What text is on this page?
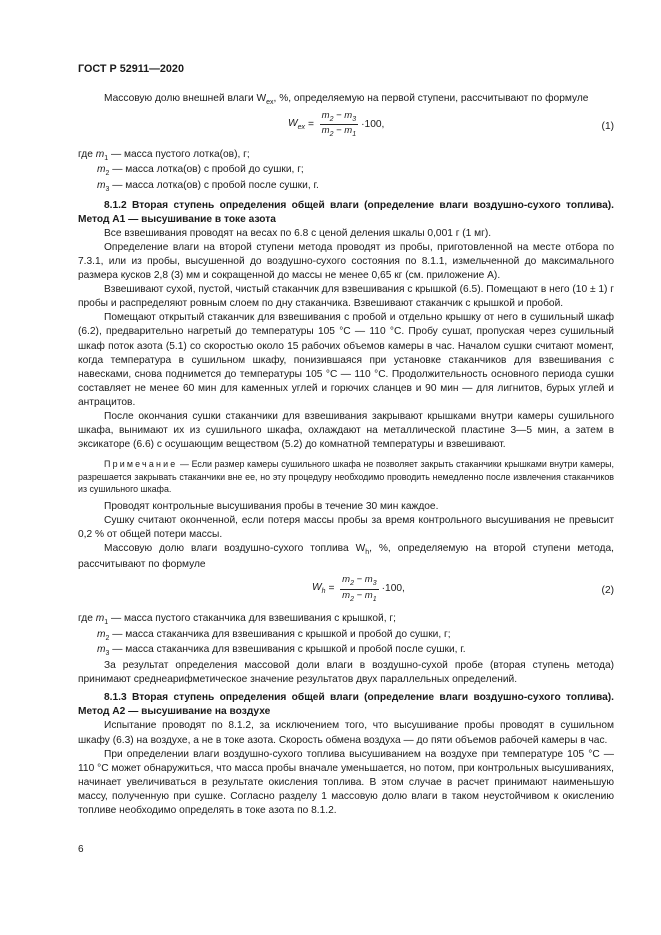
ГОСТ Р 52911—2020

Массовую долю внешней влаги $W_{ex}$, %, определяемую на первой ступени, рассчитывают по формуле

$W_{ex} = \frac{m_2 - m_3}{m_2 - m_1} \cdot 100$,	(1)

где $m_1$ — масса пустого лотка(ов), г;
$m_2$ — масса лотка(ов) с пробой до сушки, г;
$m_3$ — масса лотка(ов) с пробой после сушки, г.

8.1.2 Вторая ступень определения общей влаги (определение влаги воздушно-сухого топлива). Метод А1 — высушивание в токе азота

Все взвешивания проводят на весах по 6.8 с ценой деления шкалы 0,001 г (1 мг).

Определение влаги на второй ступени метода проводят из пробы, приготовленной на месте отбора по 7.3.1, или из пробы, высушенной до воздушно-сухого состояния по 8.1.1, измельченной до максимального размера кусков 2,8 (3) мм и сокращенной до массы не менее 0,65 кг (см. приложение А).

Взвешивают сухой, пустой, чистый стаканчик для взвешивания с крышкой (6.5). Помещают в него (10 ± 1) г пробы и распределяют ровным слоем по дну стаканчика. Взвешивают стаканчик с крышкой и пробой.

Помещают открытый стаканчик для взвешивания с пробой и отдельно крышку от него в сушильный шкаф (6.2), предварительно нагретый до температуры 105 °С — 110 °С. Пробу сушат, пропуская через сушильный шкаф поток азота (5.1) со скоростью около 15 рабочих объемов камеры в час. Началом сушки считают момент, когда температура в сушильном шкафу, понизившаяся при установке стаканчиков для взвешивания с навесками, снова поднимется до температуры 105 °С — 110 °С. Продолжительность основного периода сушки составляет не менее 60 мин для каменных углей и горючих сланцев и 90 мин — для лигнитов, бурых углей и антрацитов.

После окончания сушки стаканчики для взвешивания закрывают крышками внутри камеры сушильного шкафа, вынимают их из сушильного шкафа, охлаждают на металлической пластине 3—5 мин, а затем в эксикаторе (6.6) с осушающим веществом (5.2) до комнатной температуры и взвешивают.

Примечание — Если размер камеры сушильного шкафа не позволяет закрыть стаканчики крышками внутри камеры, разрешается закрывать стаканчики вне ее, но эту процедуру необходимо проводить немедленно после извлечения стаканчиков из сушильного шкафа.

Проводят контрольные высушивания пробы в течение 30 мин каждое.

Сушку считают оконченной, если потеря массы пробы за время контрольного высушивания не превысит 0,2 % от общей потери массы.

Массовую долю влаги воздушно-сухого топлива $W_h$, %, определяемую на второй ступени метода, рассчитывают по формуле

$W_h = \frac{m_2 - m_3}{m_2 - m_1} \cdot 100$,	(2)

где $m_1$ — масса пустого стаканчика для взвешивания с крышкой, г;
$m_2$ — масса стаканчика для взвешивания с крышкой и пробой до сушки, г;
$m_3$ — масса стаканчика для взвешивания с крышкой и пробой после сушки, г.

За результат определения массовой доли влаги в воздушно-сухой пробе (вторая ступень метода) принимают среднеарифметическое значение результатов двух параллельных определений.

8.1.3 Вторая ступень определения общей влаги (определение влаги воздушно-сухого топлива). Метод А2 — высушивание на воздухе

Испытание проводят по 8.1.2, за исключением того, что высушивание пробы проводят в сушильном шкафу (6.3) на воздухе, а не в токе азота. Скорость обмена воздуха — до пяти объемов рабочей камеры в час.

При определении влаги воздушно-сухого топлива высушиванием на воздухе при температуре 105 °С — 110 °С может обнаружиться, что масса пробы вначале уменьшается, но потом, при контрольных высушиваниях, начинает увеличиваться в результате окисления топлива. В этом случае в расчет принимают наименьшую массу, полученную при сушке. Согласно разделу 1 массовую долю влаги в таком неустойчивом к окислению топливе необходимо определять в токе азота по 8.1.2.

6
